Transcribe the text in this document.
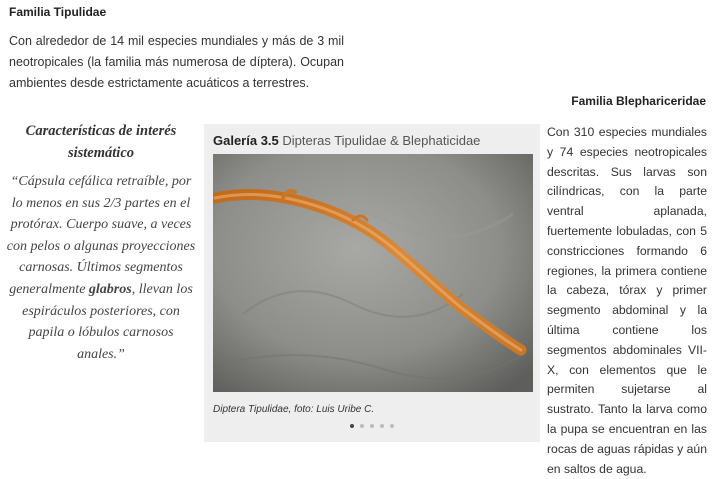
Familia Tipulidae
Con alrededor de 14 mil especies mundiales y más de 3 mil neotropicales (la familia más numerosa de díptera). Ocupan ambientes desde estrictamente acuáticos a terrestres.
Familia Blephariceridae
Características de interés sistemático
“Cápsula cefálica retraíble, por lo menos en sus 2/3 partes en el protórax. Cuerpo suave, a veces con pelos o algunas proyecciones carnosas. Últimos segmentos generalmente glabros, llevan los espiráculos posteriores, con papila o lóbulos carnosos anales.”
Galería 3.5 Dipteras Tipulidae & Blephaticidae
Diptera Tipulidae, foto: Luis Uribe C.
Con 310 especies mundiales y 74 especies neotropicales descritas. Sus larvas son cilíndricas, con la parte ventral aplanada, fuertemente lobuladas, con 5 constricciones formando 6 regiones, la primera contiene la cabeza, tórax y primer segmento abdominal y la última contiene los segmentos abdominales VII-X, con elementos que le permiten sujetarse al sustrato. Tanto la larva como la pupa se encuentran en las rocas de aguas rápidas y aún en saltos de agua.
